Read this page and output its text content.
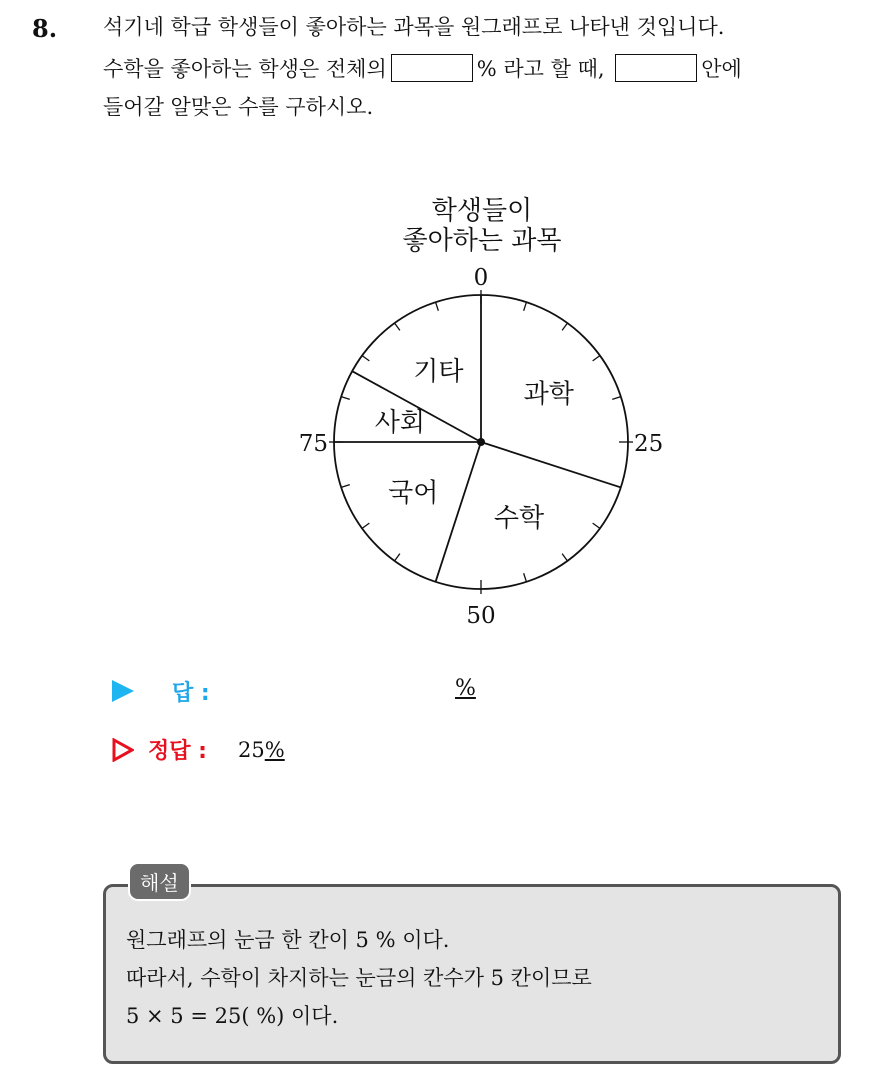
8. 석기네 학급 학생들이 좋아하는 과목을 원그래프로 나타낸 것입니다.
수학을 좋아하는 학생은 전체의	% 라고 할 때,	안에
들어갈 알맞은 수를 구하시오.
학생들이
좋아하는 과목
과학
수학
국어
사회
기타
0
25
50
75
답 :	%
정답 : 25%
해설
원그래프의 눈금 한 칸이 5 % 이다.
따라서, 수학이 차지하는 눈금의 칸수가 5 칸이므로
5 × 5 = 25( %) 이다.
